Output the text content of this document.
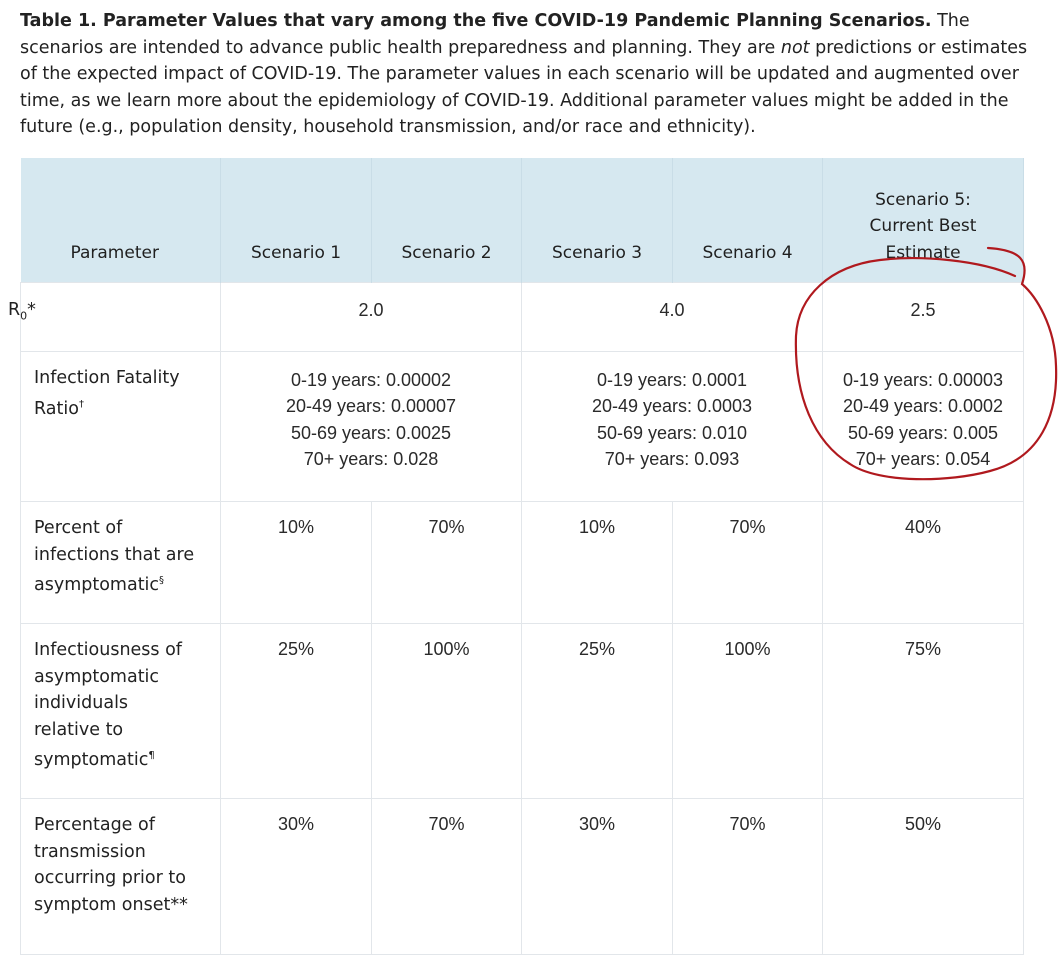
Table 1. Parameter Values that vary among the five COVID-19 Pandemic Planning Scenarios. The scenarios are intended to advance public health preparedness and planning. They are not predictions or estimates of the expected impact of COVID-19. The parameter values in each scenario will be updated and augmented over time, as we learn more about the epidemiology of COVID-19. Additional parameter values might be added in the future (e.g., population density, household transmission, and/or race and ethnicity).
Parameter	Scenario 1	Scenario 2	Scenario 3	Scenario 4	Scenario 5:
Current Best
Estimate
$R_0*$	2.0		4.0		2.5
Infection Fatality
Ratio†	0-19 years: 0.00002
20-49 years: 0.00007
50-69 years: 0.0025
70+ years: 0.028		0-19 years: 0.0001
20-49 years: 0.0003
50-69 years: 0.010
70+ years: 0.093		0-19 years: 0.00003
20-49 years: 0.0002
50-69 years: 0.005
70+ years: 0.054
Percent of
infections that are
asymptomatic§	10%	70%	10%	70%	40%
Infectiousness of
asymptomatic
individuals
relative to
symptomatic¶	25%	100%	25%	100%	75%
Percentage of
transmission
occurring prior to
symptom onset**	30%	70%	30%	70%	50%
